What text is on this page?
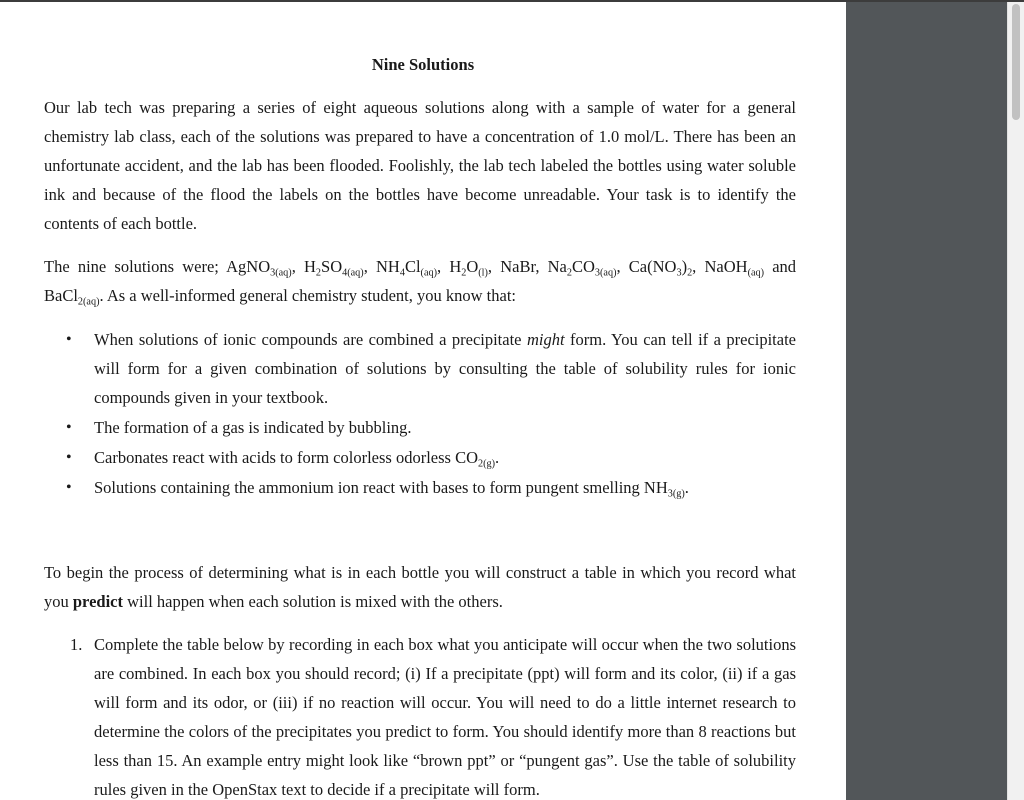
Nine Solutions

Our lab tech was preparing a series of eight aqueous solutions along with a sample of water for a general chemistry lab class, each of the solutions was prepared to have a concentration of 1.0 mol/L. There has been an unfortunate accident, and the lab has been flooded. Foolishly, the lab tech labeled the bottles using water soluble ink and because of the flood the labels on the bottles have become unreadable. Your task is to identify the contents of each bottle.

The nine solutions were; AgNO$_{3(aq)}$, $H_2SO_{4(aq)}$, $NH_4Cl_{(aq)}$, $H_2O_{(l)}$, NaBr, $Na_2CO_{3(aq)}$, $Ca(NO_3)_2$, NaOH$_{(aq)}$ and BaCl$_{2(aq)}$. As a well-informed general chemistry student, you know that:

• When solutions of ionic compounds are combined a precipitate might form. You can tell if a precipitate will form for a given combination of solutions by consulting the table of solubility rules for ionic compounds given in your textbook.
• The formation of a gas is indicated by bubbling.
• Carbonates react with acids to form colorless odorless $CO_{2(g)}$.
• Solutions containing the ammonium ion react with bases to form pungent smelling $NH_{3(g)}$.

To begin the process of determining what is in each bottle you will construct a table in which you record what you predict will happen when each solution is mixed with the others.

1. Complete the table below by recording in each box what you anticipate will occur when the two solutions are combined. In each box you should record; (i) If a precipitate (ppt) will form and its color, (ii) if a gas will form and its odor, or (iii) if no reaction will occur. You will need to do a little internet research to determine the colors of the precipitates you predict to form. You should identify more than 8 reactions but less than 15. An example entry might look like “brown ppt” or “pungent gas”. Use the table of solubility rules given in the OpenStax text to decide if a precipitate will form.
